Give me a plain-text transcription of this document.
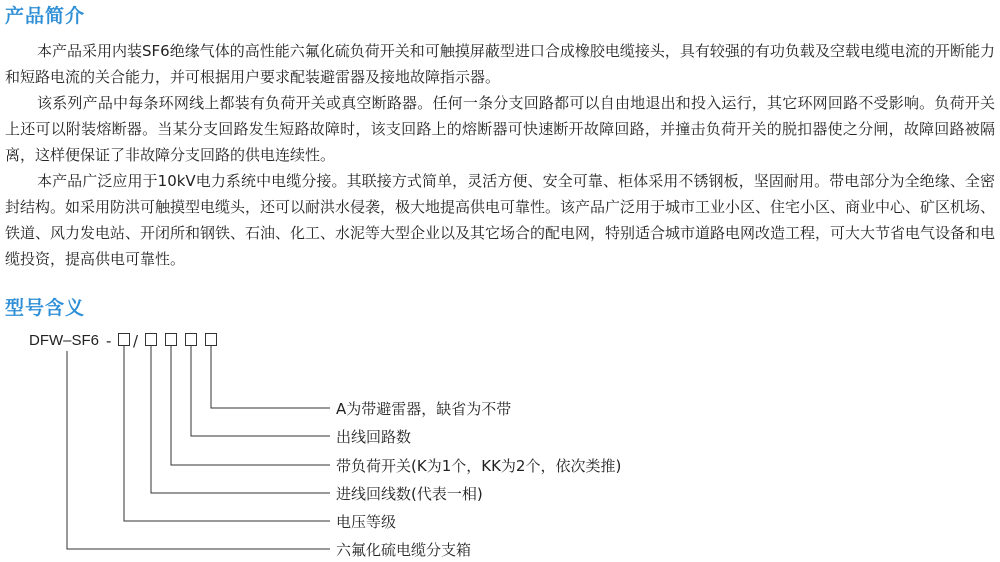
产品简介

本产品采用内装SF6绝缘气体的高性能六氟化硫负荷开关和可触摸屏蔽型进口合成橡胶电缆接头，具有较强的有功负载及空载电缆电流的开断能力和短路电流的关合能力，并可根据用户要求配装避雷器及接地故障指示器。

该系列产品中每条环网线上都装有负荷开关或真空断路器。任何一条分支回路都可以自由地退出和投入运行，其它环网回路不受影响。负荷开关上还可以附装熔断器。当某分支回路发生短路故障时，该支回路上的熔断器可快速断开故障回路，并撞击负荷开关的脱扣器使之分闸，故障回路被隔离，这样便保证了非故障分支回路的供电连续性。

本产品广泛应用于10kV电力系统中电缆分接。其联接方式简单，灵活方便、安全可靠、柜体采用不锈钢板，坚固耐用。带电部分为全绝缘、全密封结构。如采用防洪可触摸型电缆头，还可以耐洪水侵袭，极大地提高供电可靠性。该产品广泛用于城市工业小区、住宅小区、商业中心、矿区机场、铁道、风力发电站、开闭所和钢铁、石油、化工、水泥等大型企业以及其它场合的配电网，特别适合城市道路电网改造工程，可大大节省电气设备和电缆投资，提高供电可靠性。

型号含义
DFW–SF6 - /
A为带避雷器，缺省为不带
出线回路数
带负荷开关(K为1个，KK为2个，依次类推)
进线回线数(代表一相)
电压等级
六氟化硫电缆分支箱
